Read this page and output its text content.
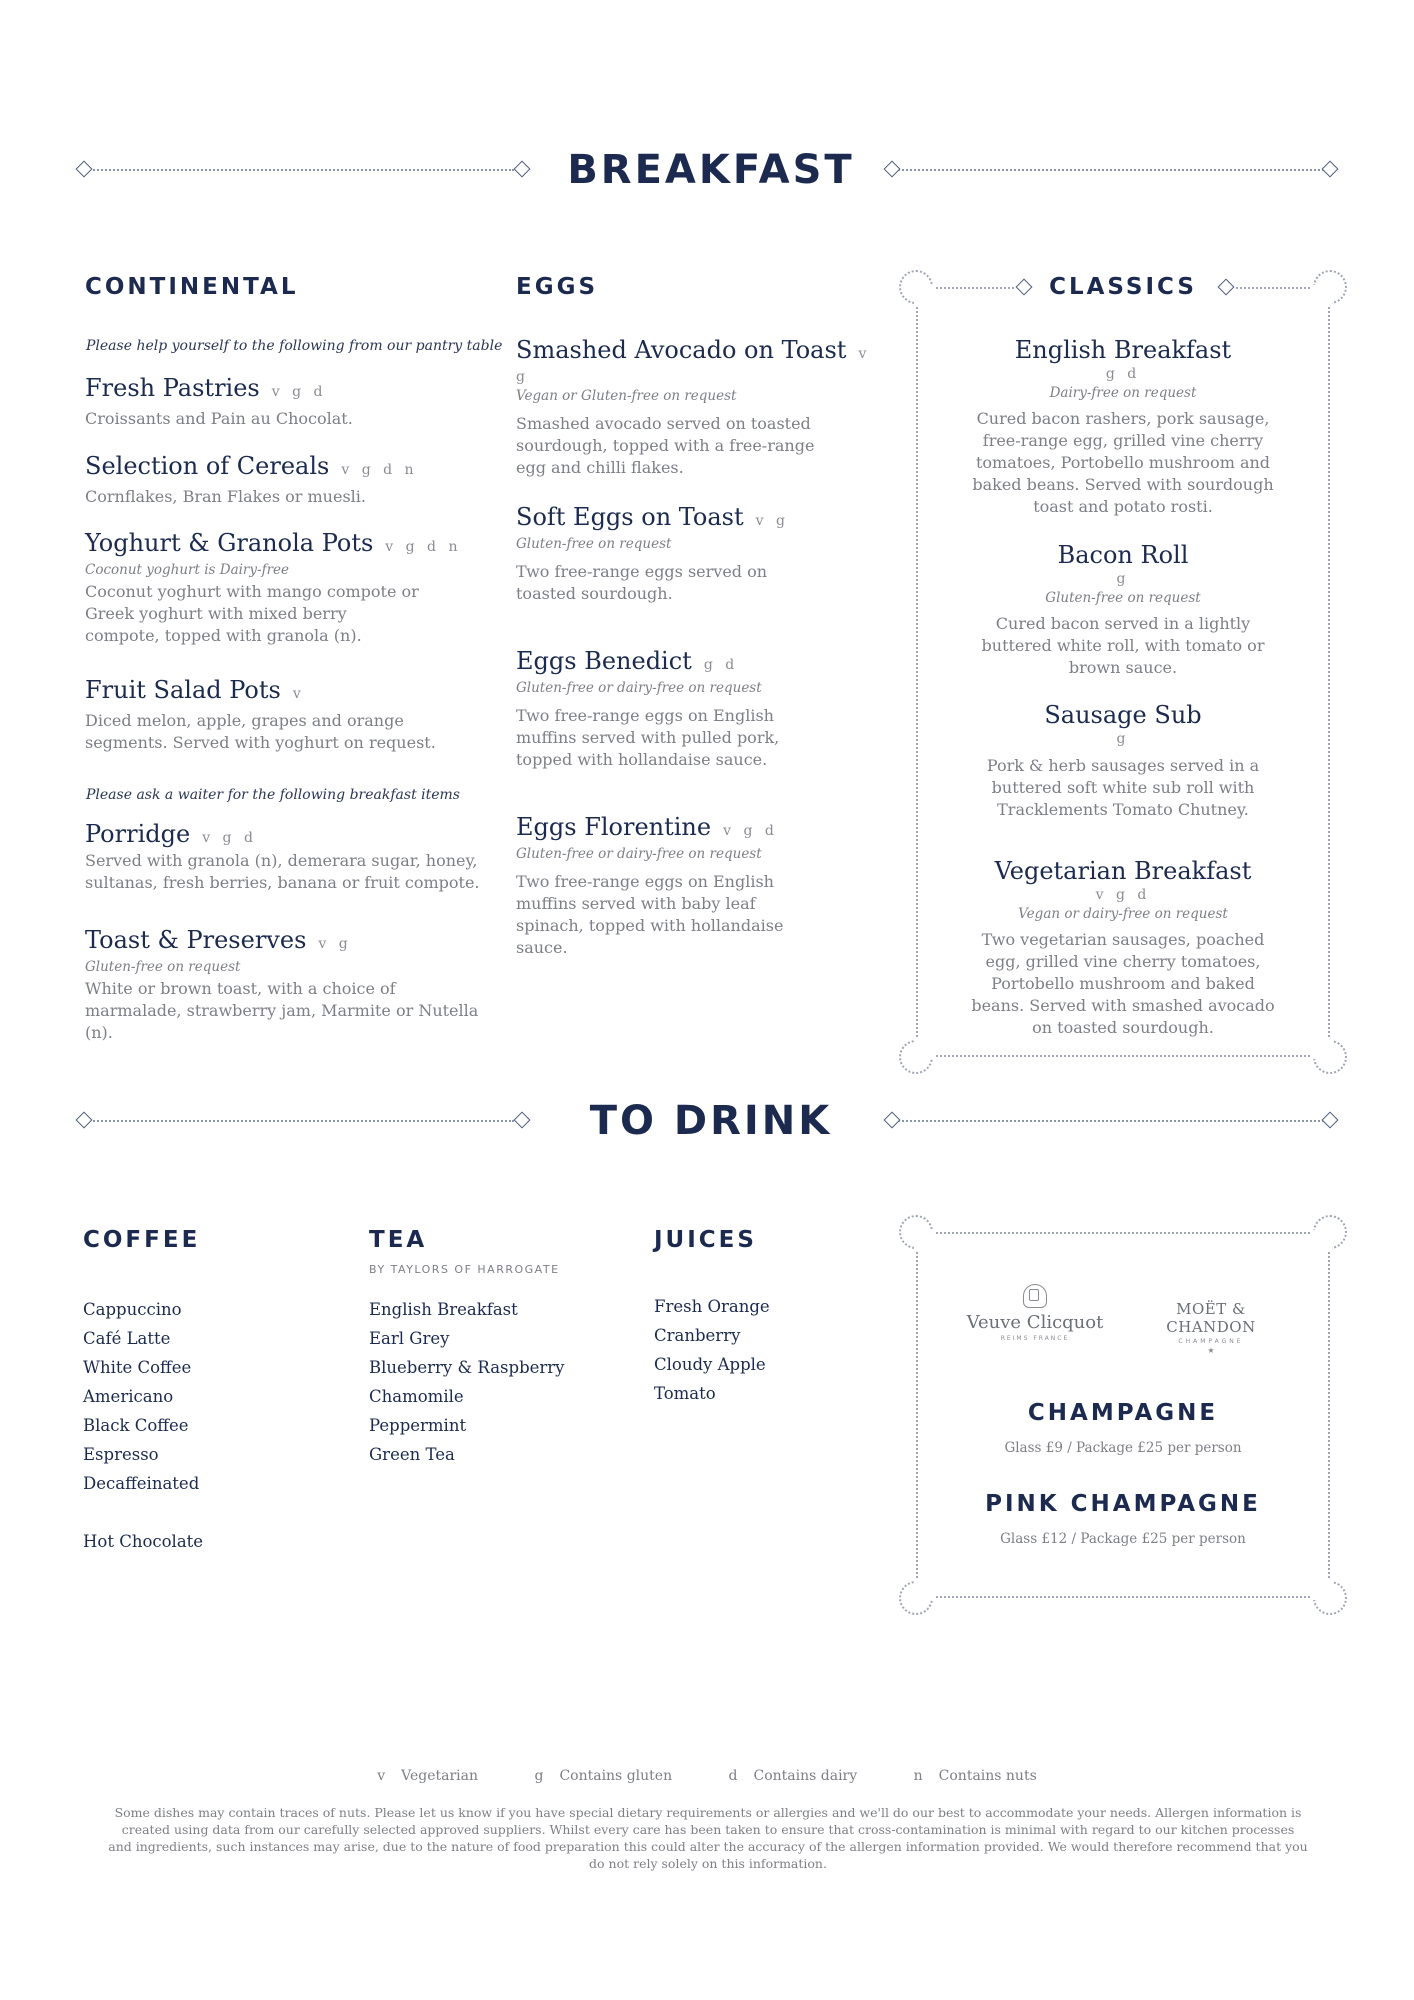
BREAKFAST
CONTINENTAL
Please help yourself to the following from our pantry table
Fresh Pastries v g d
Croissants and Pain au Chocolat.
Selection of Cereals v g d n
Cornflakes, Bran Flakes or muesli.
Yoghurt & Granola Pots v g d n
Coconut yoghurt is Dairy-free
Coconut yoghurt with mango compote or Greek yoghurt with mixed berry compote, topped with granola (n).
Fruit Salad Pots v
Diced melon, apple, grapes and orange segments. Served with yoghurt on request.
Please ask a waiter for the following breakfast items
Porridge v g d
Served with granola (n), demerara sugar, honey, sultanas, fresh berries, banana or fruit compote.
Toast & Preserves v g
Gluten-free on request
White or brown toast, with a choice of marmalade, strawberry jam, Marmite or Nutella (n).
EGGS
Smashed Avocado on Toast v g
Vegan or Gluten-free on request
Smashed avocado served on toasted sourdough, topped with a free-range egg and chilli flakes.
Soft Eggs on Toast v g
Gluten-free on request
Two free-range eggs served on toasted sourdough.
Eggs Benedict g d
Gluten-free or dairy-free on request
Two free-range eggs on English muffins served with pulled pork, topped with hollandaise sauce.
Eggs Florentine v g d
Gluten-free or dairy-free on request
Two free-range eggs on English muffins served with baby leaf spinach, topped with hollandaise sauce.
CLASSICS
English Breakfast
g d
Dairy-free on request
Cured bacon rashers, pork sausage, free-range egg, grilled vine cherry tomatoes, Portobello mushroom and baked beans. Served with sourdough toast and potato rosti.
Bacon Roll
g
Gluten-free on request
Cured bacon served in a lightly buttered white roll, with tomato or brown sauce.
Sausage Sub
g
Pork & herb sausages served in a buttered soft white sub roll with Tracklements Tomato Chutney.
Vegetarian Breakfast
v g d
Vegan or dairy-free on request
Two vegetarian sausages, poached egg, grilled vine cherry tomatoes, Portobello mushroom and baked beans. Served with smashed avocado on toasted sourdough.
TO DRINK
COFFEE
Cappuccino
Café Latte
White Coffee
Americano
Black Coffee
Espresso
Decaffeinated
Hot Chocolate
TEA
BY TAYLORS OF HARROGATE
English Breakfast
Earl Grey
Blueberry & Raspberry
Chamomile
Peppermint
Green Tea
JUICES
Fresh Orange
Cranberry
Cloudy Apple
Tomato
Veuve Clicquot
REIMS FRANCE
MOËT & CHANDON
CHAMPAGNE
★
CHAMPAGNE
Glass £9 / Package £25 per person
PINK CHAMPAGNE
Glass £12 / Package £25 per person
v Vegetarian	g Contains gluten	d Contains dairy	n Contains nuts
Some dishes may contain traces of nuts. Please let us know if you have special dietary requirements or allergies and we'll do our best to accommodate your needs. Allergen information is created using data from our carefully selected approved suppliers. Whilst every care has been taken to ensure that cross-contamination is minimal with regard to our kitchen processes and ingredients, such instances may arise, due to the nature of food preparation this could alter the accuracy of the allergen information provided. We would therefore recommend that you do not rely solely on this information.
